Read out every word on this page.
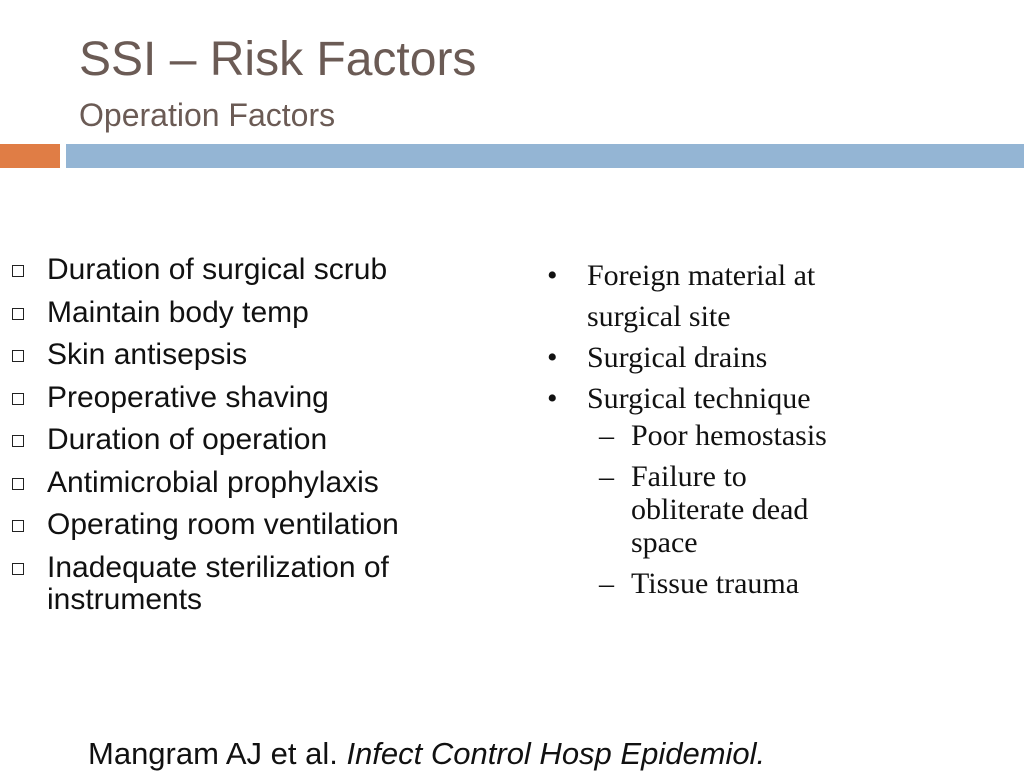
SSI – Risk Factors
Operation Factors
Duration of surgical scrub
Maintain body temp
Skin antisepsis
Preoperative shaving
Duration of operation
Antimicrobial prophylaxis
Operating room ventilation
Inadequate sterilization of instruments
• Foreign material at surgical site
• Surgical drains
• Surgical technique
– Poor hemostasis
– Failure to obliterate dead space
– Tissue trauma
Mangram AJ et al. Infect Control Hosp Epidemiol.
